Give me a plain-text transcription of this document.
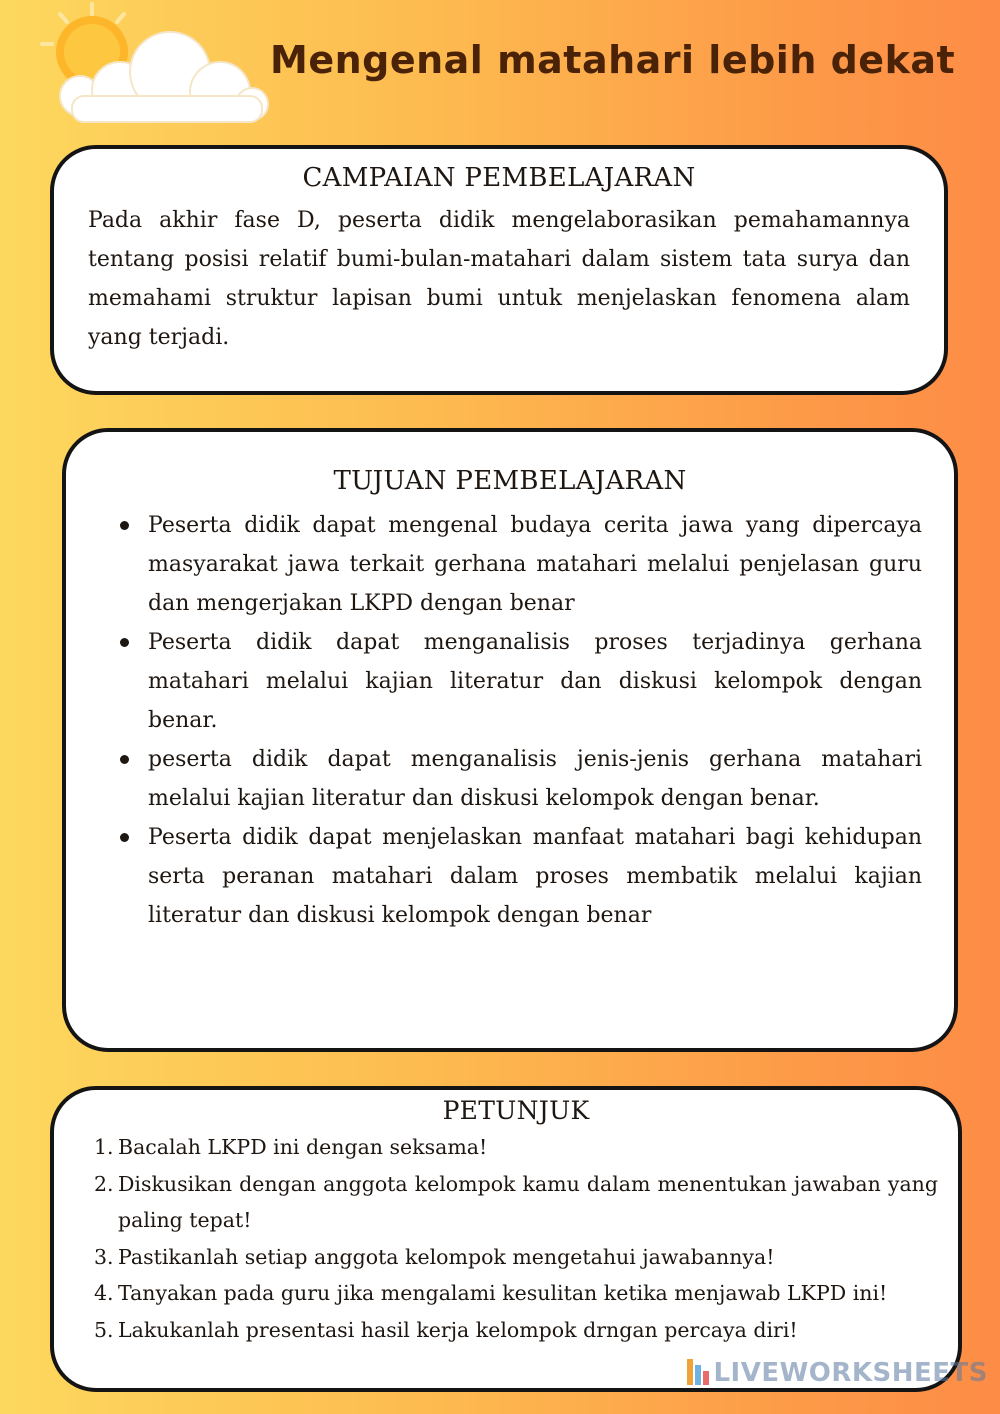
Mengenal matahari lebih dekat
CAMPAIAN PEMBELAJARAN

Pada akhir fase D, peserta didik mengelaborasikan pemahamannya tentang posisi relatif bumi-bulan-matahari dalam sistem tata surya dan memahami struktur lapisan bumi untuk menjelaskan fenomena alam yang terjadi.

TUJUAN PEMBELAJARAN
Peserta didik dapat mengenal budaya cerita jawa yang dipercaya masyarakat jawa terkait gerhana matahari melalui penjelasan guru dan mengerjakan LKPD dengan benar
Peserta didik dapat menganalisis proses terjadinya gerhana matahari melalui kajian literatur dan diskusi kelompok dengan benar.
peserta didik dapat menganalisis jenis-jenis gerhana matahari melalui kajian literatur dan diskusi kelompok dengan benar.
Peserta didik dapat menjelaskan manfaat matahari bagi kehidupan serta peranan matahari dalam proses membatik melalui kajian literatur dan diskusi kelompok dengan benar
PETUNJUK
1. Bacalah LKPD ini dengan seksama!
2. Diskusikan dengan anggota kelompok kamu dalam menentukan jawaban yang paling tepat!
3. Pastikanlah setiap anggota kelompok mengetahui jawabannya!
4. Tanyakan pada guru jika mengalami kesulitan ketika menjawab LKPD ini!
5. Lakukanlah presentasi hasil kerja kelompok drngan percaya diri!
LIVEWORKSHEETS
